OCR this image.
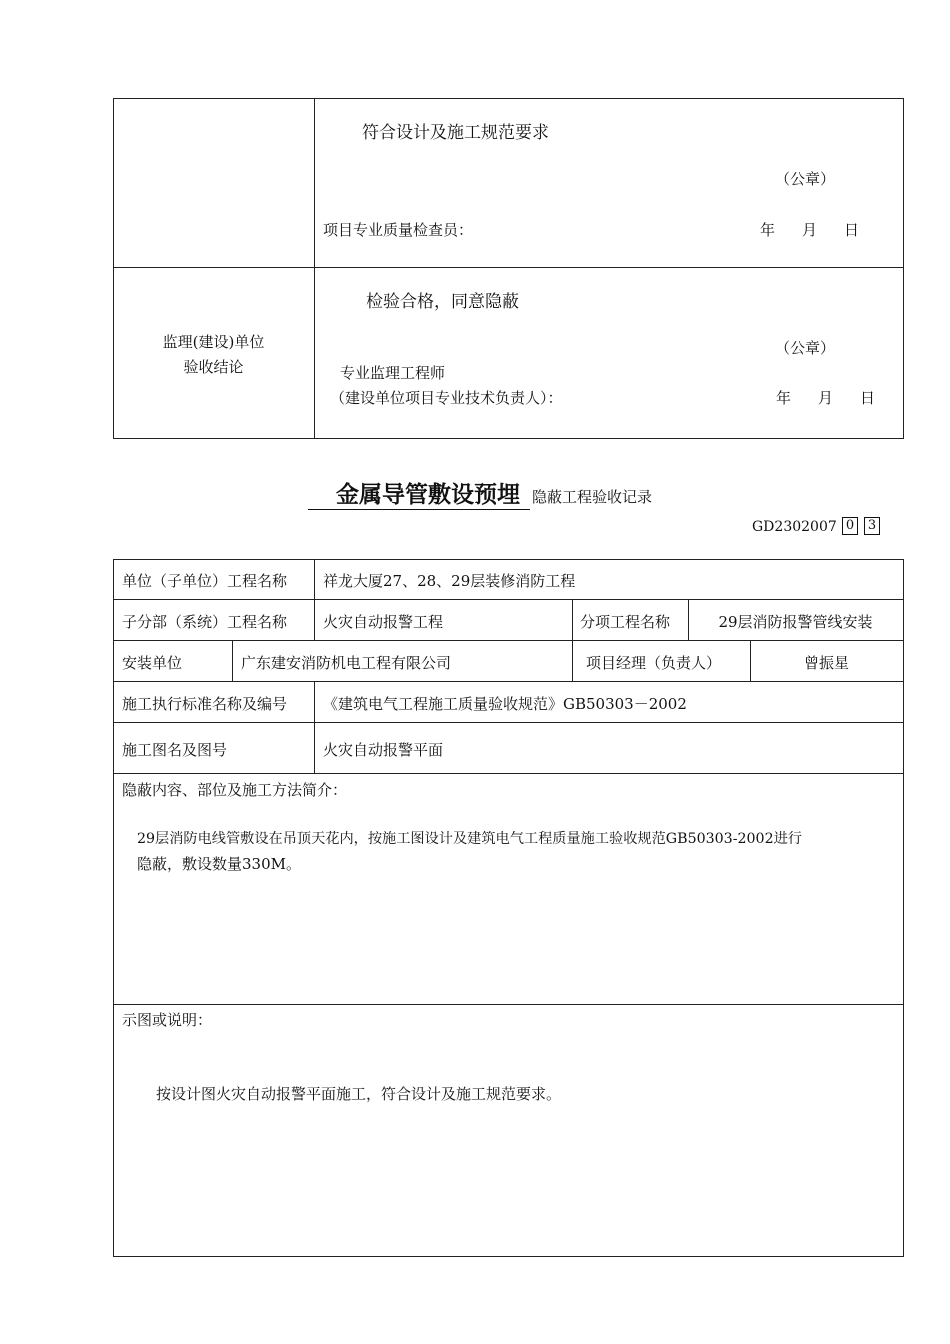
符合设计及施工规范要求
（公章）
项目专业质量检查员：	年 月 日
监理(建设)单位
验收结论
检验合格，同意隐蔽
（公章）
专业监理工程师
（建设单位项目专业技术负责人）：	年 月 日
金属导管敷设预埋 隐蔽工程验收记录
GD2302007 0 3
单位（子单位）工程名称 祥龙大厦27、28、29层装修消防工程
子分部（系统）工程名称 火灾自动报警工程	分项工程名称	29层消防报警管线安装
安装单位	广东建安消防机电工程有限公司	项目经理（负责人）	曾振星
施工执行标准名称及编号 《建筑电气工程施工质量验收规范》GB50303－2002
施工图名及图号	火灾自动报警平面
隐蔽内容、部位及施工方法简介：
29层消防电线管敷设在吊顶天花内，按施工图设计及建筑电气工程质量施工验收规范GB50303-2002进行
隐蔽，敷设数量330M。
示图或说明：
按设计图火灾自动报警平面施工，符合设计及施工规范要求。
